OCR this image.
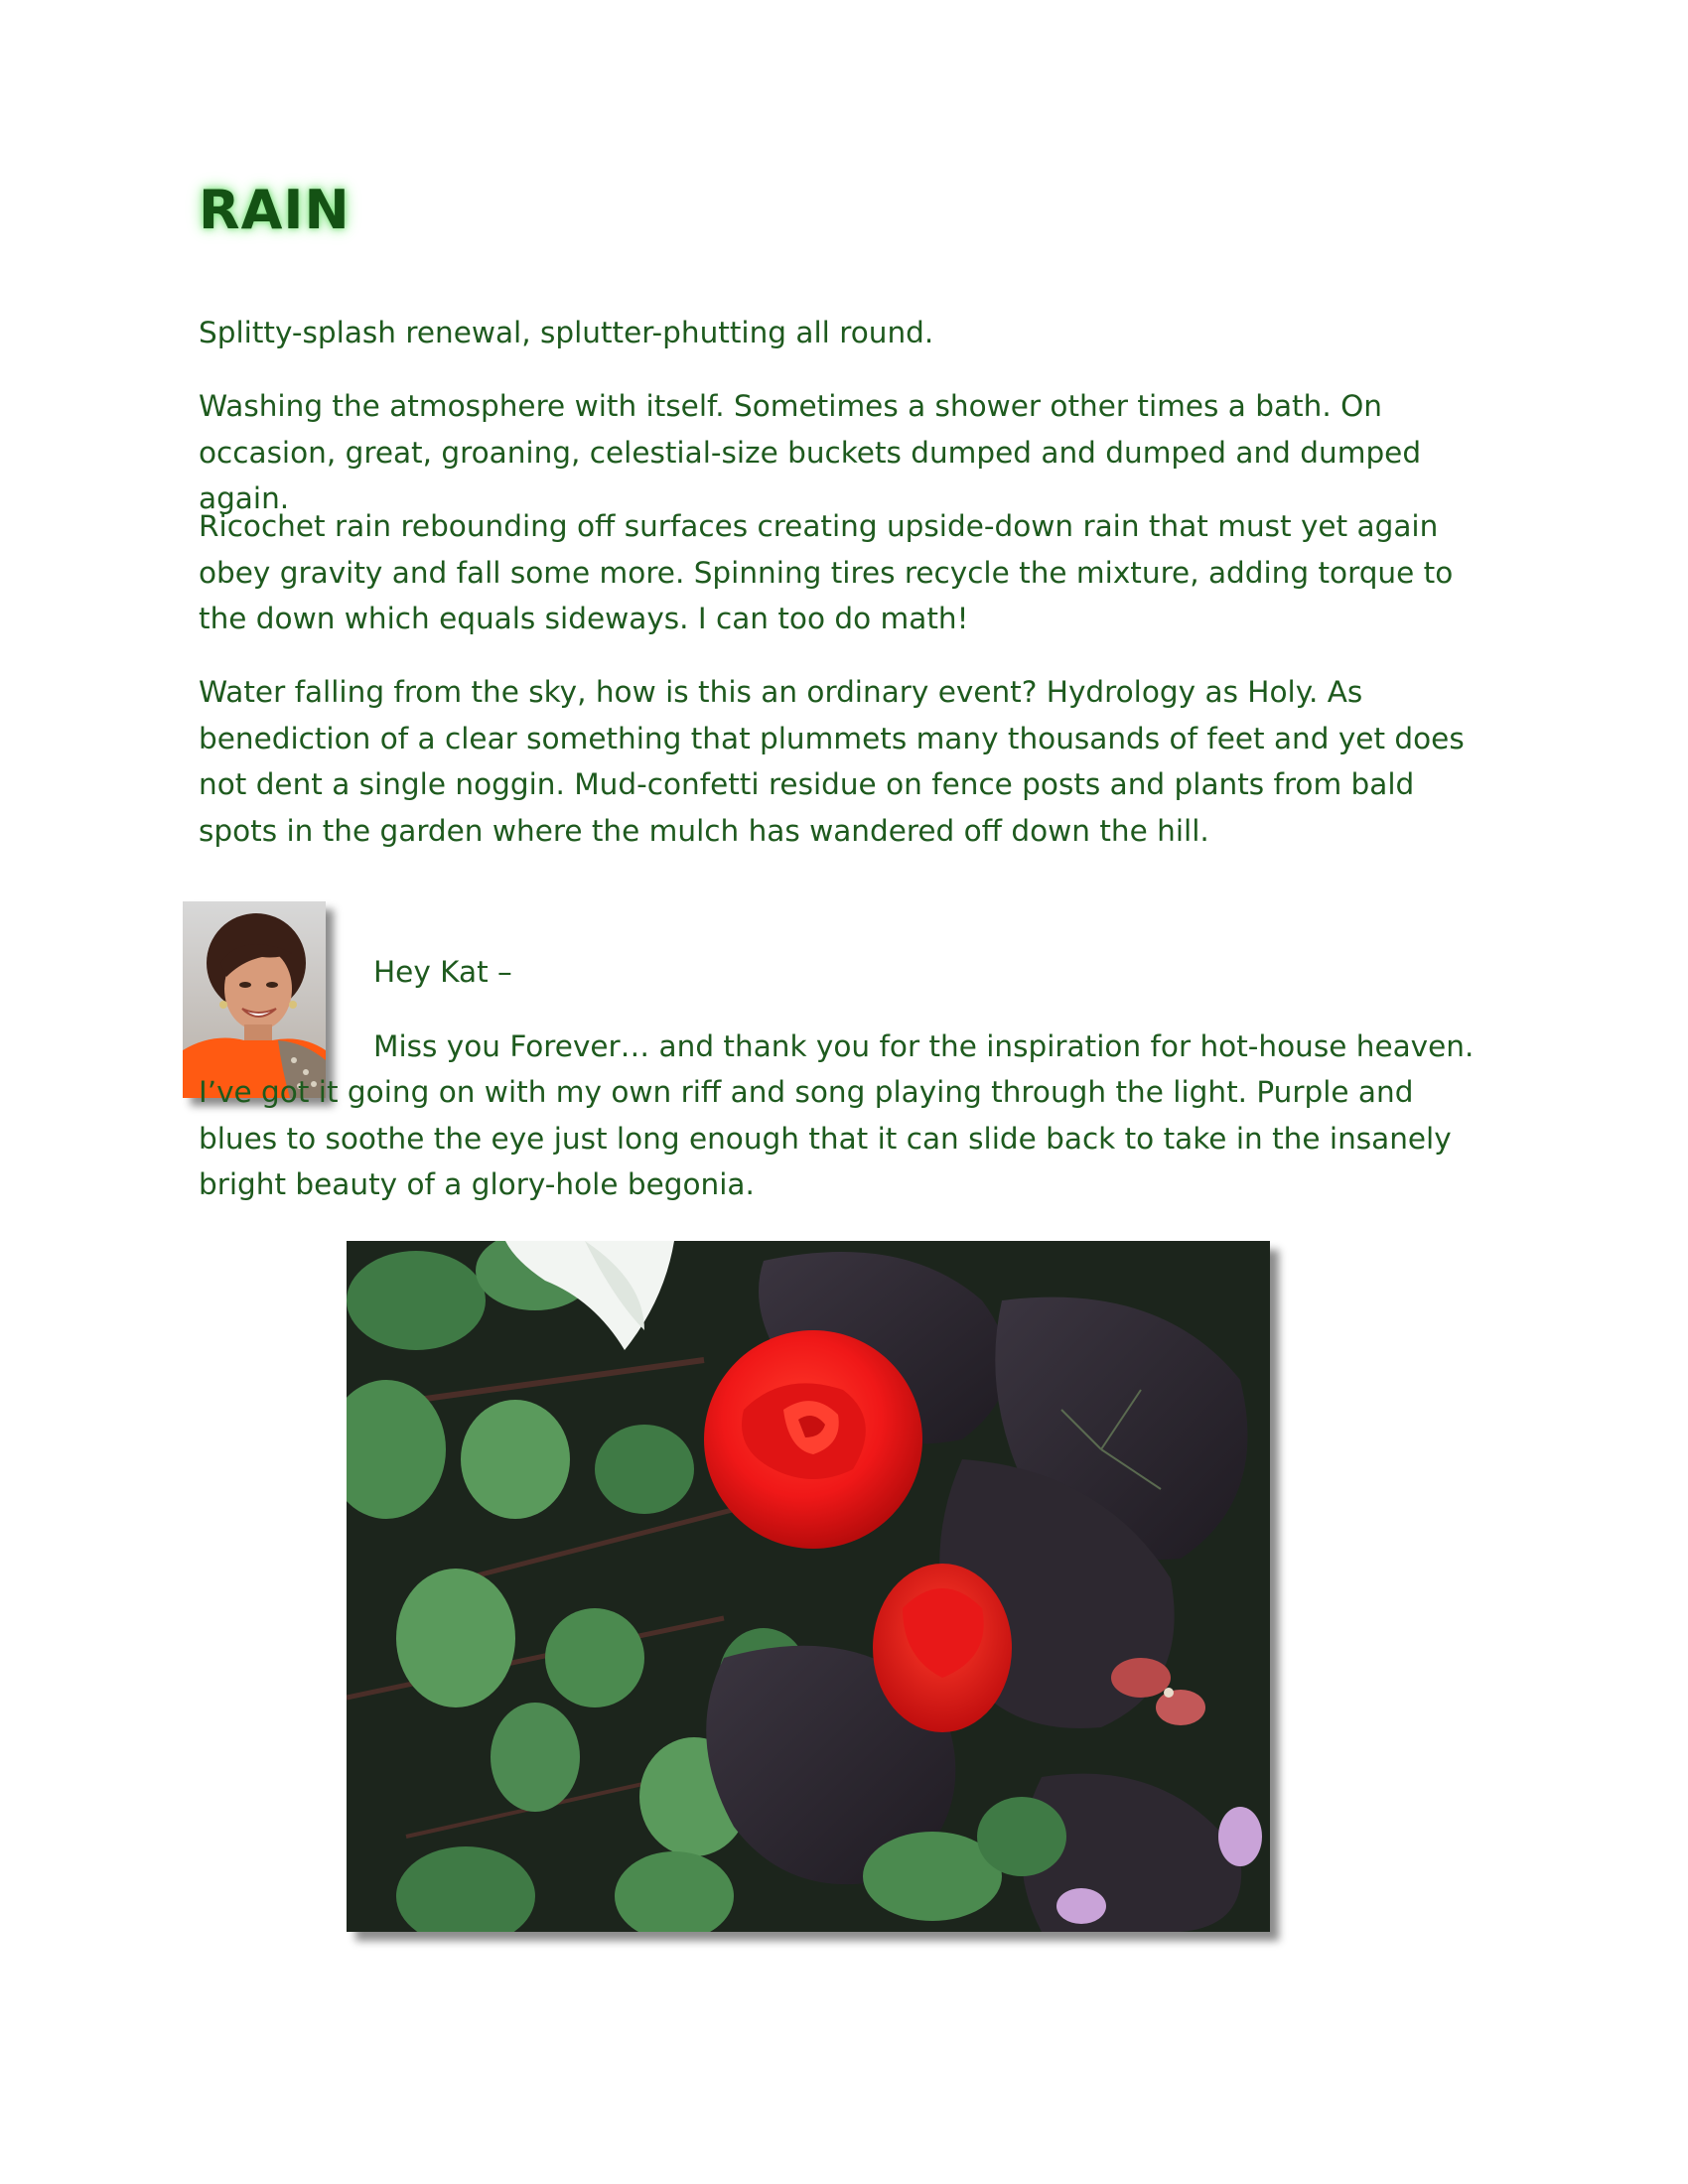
RAIN

Splitty-splash renewal, splutter-phutting all round.

Washing the atmosphere with itself. Sometimes a shower other times a bath. On occasion, great, groaning, celestial-size buckets dumped and dumped and dumped again.

Ricochet rain rebounding off surfaces creating upside-down rain that must yet again obey gravity and fall some more. Spinning tires recycle the mixture, adding torque to the down which equals sideways. I can too do math!

Water falling from the sky, how is this an ordinary event? Hydrology as Holy. As benediction of a clear something that plummets many thousands of feet and yet does not dent a single noggin. Mud-confetti residue on fence posts and plants from bald spots in the garden where the mulch has wandered off down the hill.

Hey Kat –

Miss you Forever… and thank you for the inspiration for hot-house heaven. I’ve got it going on with my own riff and song playing through the light. Purple and blues to soothe the eye just long enough that it can slide back to take in the insanely bright beauty of a glory-hole begonia.
